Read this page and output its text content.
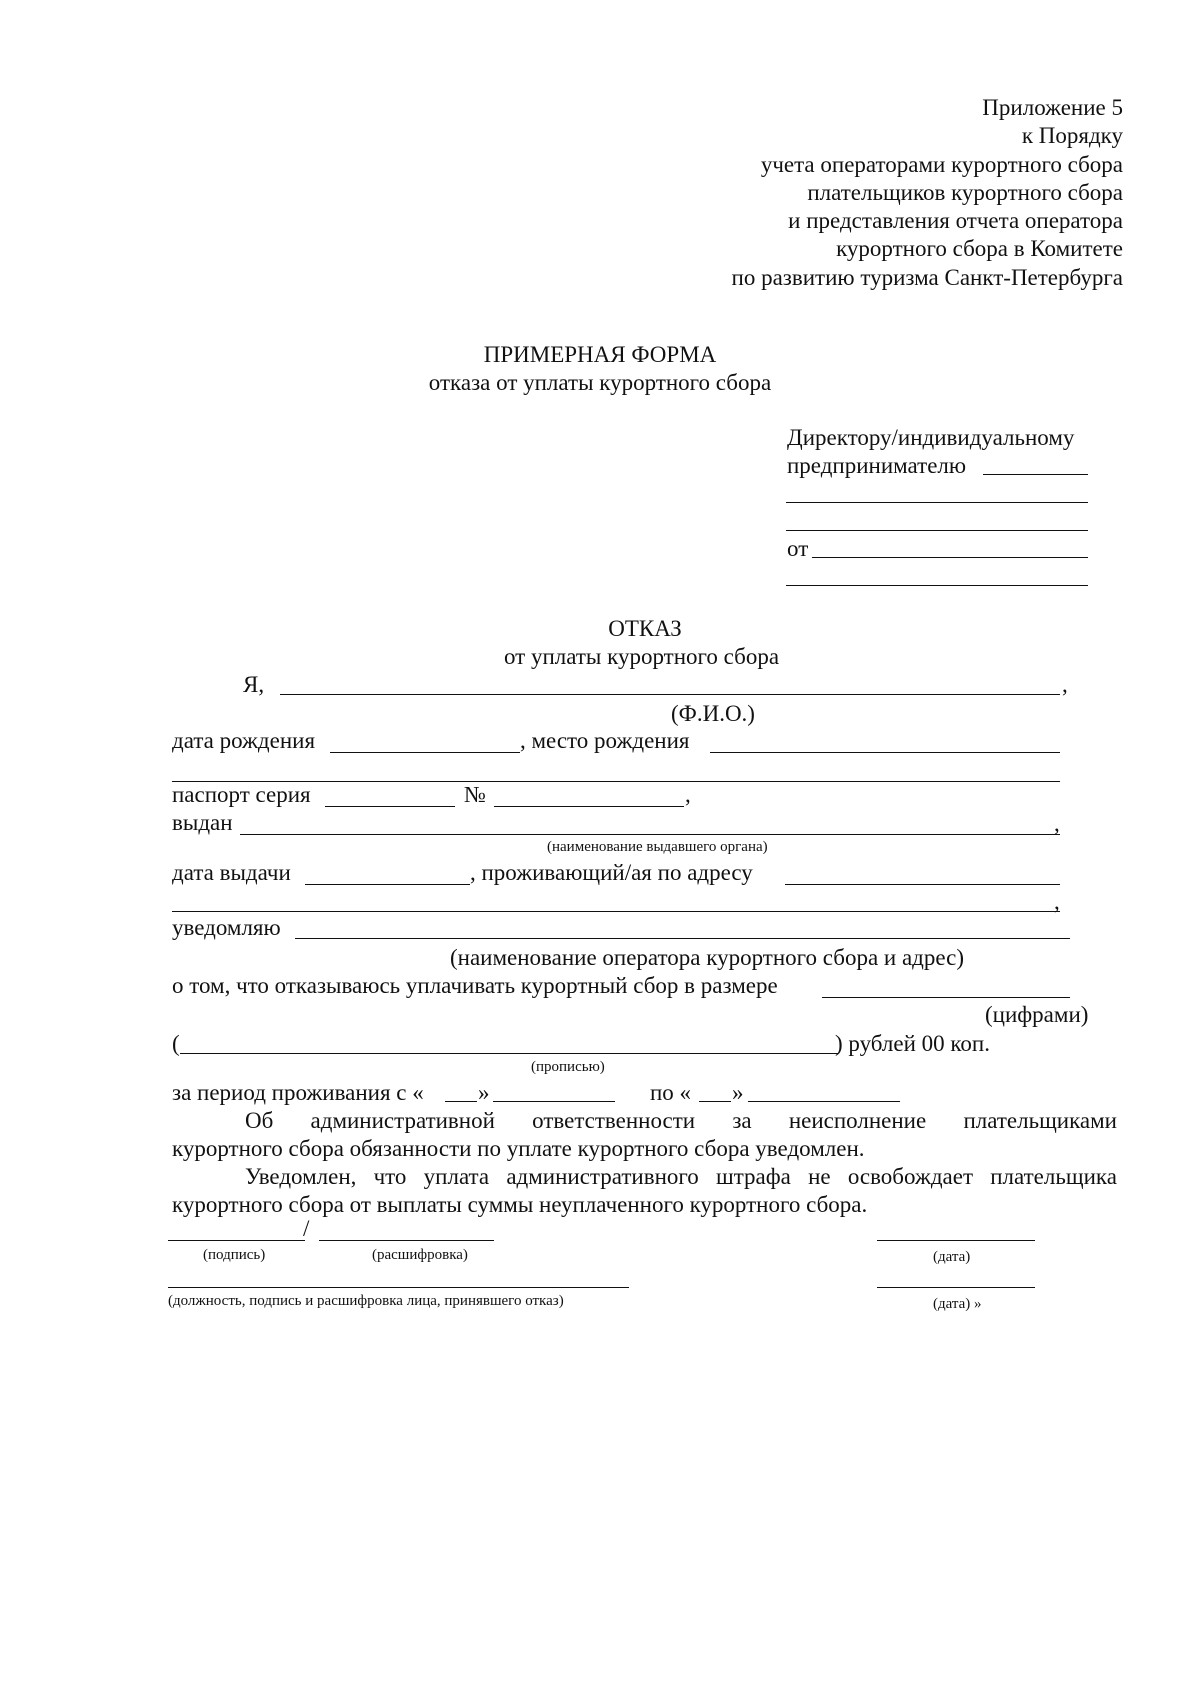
Приложение 5
к Порядку
учета операторами курортного сбора
плательщиков курортного сбора
и представления отчета оператора
курортного сбора в Комитете
по развитию туризма Санкт-Петербурга
ПРИМЕРНАЯ ФОРМА
отказа от уплаты курортного сбора
Директору/индивидуальному
предпринимателю
от
ОТКАЗ
от уплаты курортного сбора
Я,	,
(Ф.И.О.)
дата рождения	, место рождения
паспорт серия	№	,
выдан	,
(наименование выдавшего органа)
дата выдачи	, проживающий/ая по адресу
,
уведомляю
(наименование оператора курортного сбора и адрес)
о том, что отказываюсь уплачивать курортный сбор в размере
(цифрами)
(	) рублей 00 коп.
(прописью)
за период проживания с « »	по « »
Об административной ответственности за неисполнение плательщиками
курортного сбора обязанности по уплате курортного сбора уведомлен.
Уведомлен, что уплата административного штрафа не освобождает плательщика
курортного сбора от выплаты суммы неуплаченного курортного сбора.
/
(подпись)	(расшифровка)	(дата)
(должность, подпись и расшифровка лица, принявшего отказ)	(дата) »
